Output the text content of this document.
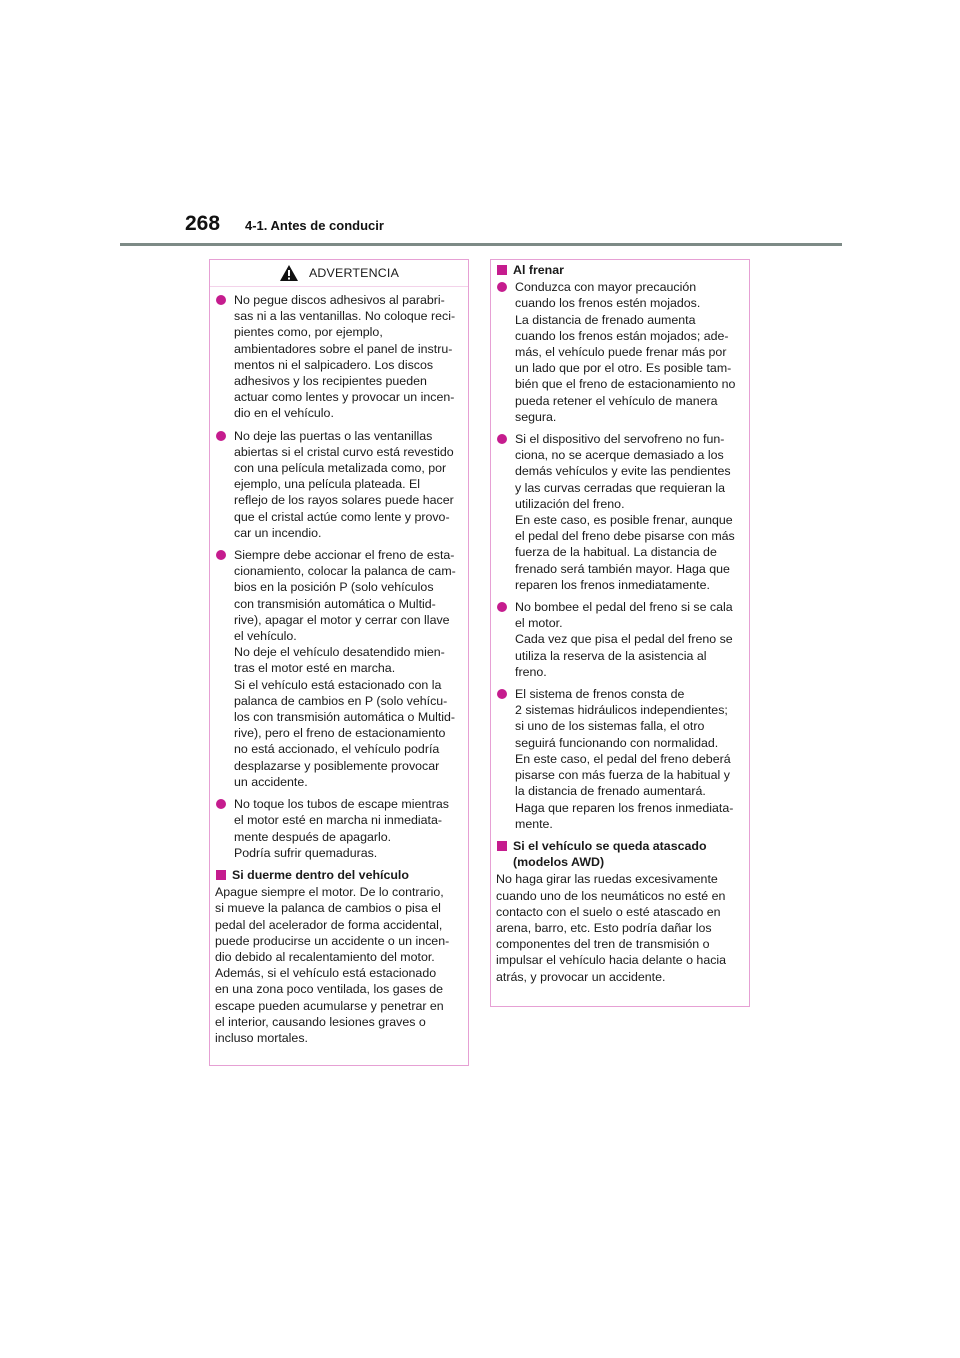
268 4-1. Antes de conducir
ADVERTENCIA
No pegue discos adhesivos al parabri-
sas ni a las ventanillas. No coloque reci-
pientes como, por ejemplo,
ambientadores sobre el panel de instru-
mentos ni el salpicadero. Los discos
adhesivos y los recipientes pueden
actuar como lentes y provocar un incen-
dio en el vehículo.
No deje las puertas o las ventanillas
abiertas si el cristal curvo está revestido
con una película metalizada como, por
ejemplo, una película plateada. El
reflejo de los rayos solares puede hacer
que el cristal actúe como lente y provo-
car un incendio.
Siempre debe accionar el freno de esta-
cionamiento, colocar la palanca de cam-
bios en la posición P (solo vehículos
con transmisión automática o Multid-
rive), apagar el motor y cerrar con llave
el vehículo.
No deje el vehículo desatendido mien-
tras el motor esté en marcha.
Si el vehículo está estacionado con la
palanca de cambios en P (solo vehícu-
los con transmisión automática o Multid-
rive), pero el freno de estacionamiento
no está accionado, el vehículo podría
desplazarse y posiblemente provocar
un accidente.
No toque los tubos de escape mientras
el motor esté en marcha ni inmediata-
mente después de apagarlo.
Podría sufrir quemaduras.
Si duerme dentro del vehículo
Apague siempre el motor. De lo contrario,
si mueve la palanca de cambios o pisa el
pedal del acelerador de forma accidental,
puede producirse un accidente o un incen-
dio debido al recalentamiento del motor.
Además, si el vehículo está estacionado
en una zona poco ventilada, los gases de
escape pueden acumularse y penetrar en
el interior, causando lesiones graves o
incluso mortales.
Al frenar
Conduzca con mayor precaución
cuando los frenos estén mojados.
La distancia de frenado aumenta
cuando los frenos están mojados; ade-
más, el vehículo puede frenar más por
un lado que por el otro. Es posible tam-
bién que el freno de estacionamiento no
pueda retener el vehículo de manera
segura.
Si el dispositivo del servofreno no fun-
ciona, no se acerque demasiado a los
demás vehículos y evite las pendientes
y las curvas cerradas que requieran la
utilización del freno.
En este caso, es posible frenar, aunque
el pedal del freno debe pisarse con más
fuerza de la habitual. La distancia de
frenado será también mayor. Haga que
reparen los frenos inmediatamente.
No bombee el pedal del freno si se cala
el motor.
Cada vez que pisa el pedal del freno se
utiliza la reserva de la asistencia al
freno.
El sistema de frenos consta de
2 sistemas hidráulicos independientes;
si uno de los sistemas falla, el otro
seguirá funcionando con normalidad.
En este caso, el pedal del freno deberá
pisarse con más fuerza de la habitual y
la distancia de frenado aumentará.
Haga que reparen los frenos inmediata-
mente.
Si el vehículo se queda atascado
(modelos AWD)
No haga girar las ruedas excesivamente
cuando uno de los neumáticos no esté en
contacto con el suelo o esté atascado en
arena, barro, etc. Esto podría dañar los
componentes del tren de transmisión o
impulsar el vehículo hacia delante o hacia
atrás, y provocar un accidente.
